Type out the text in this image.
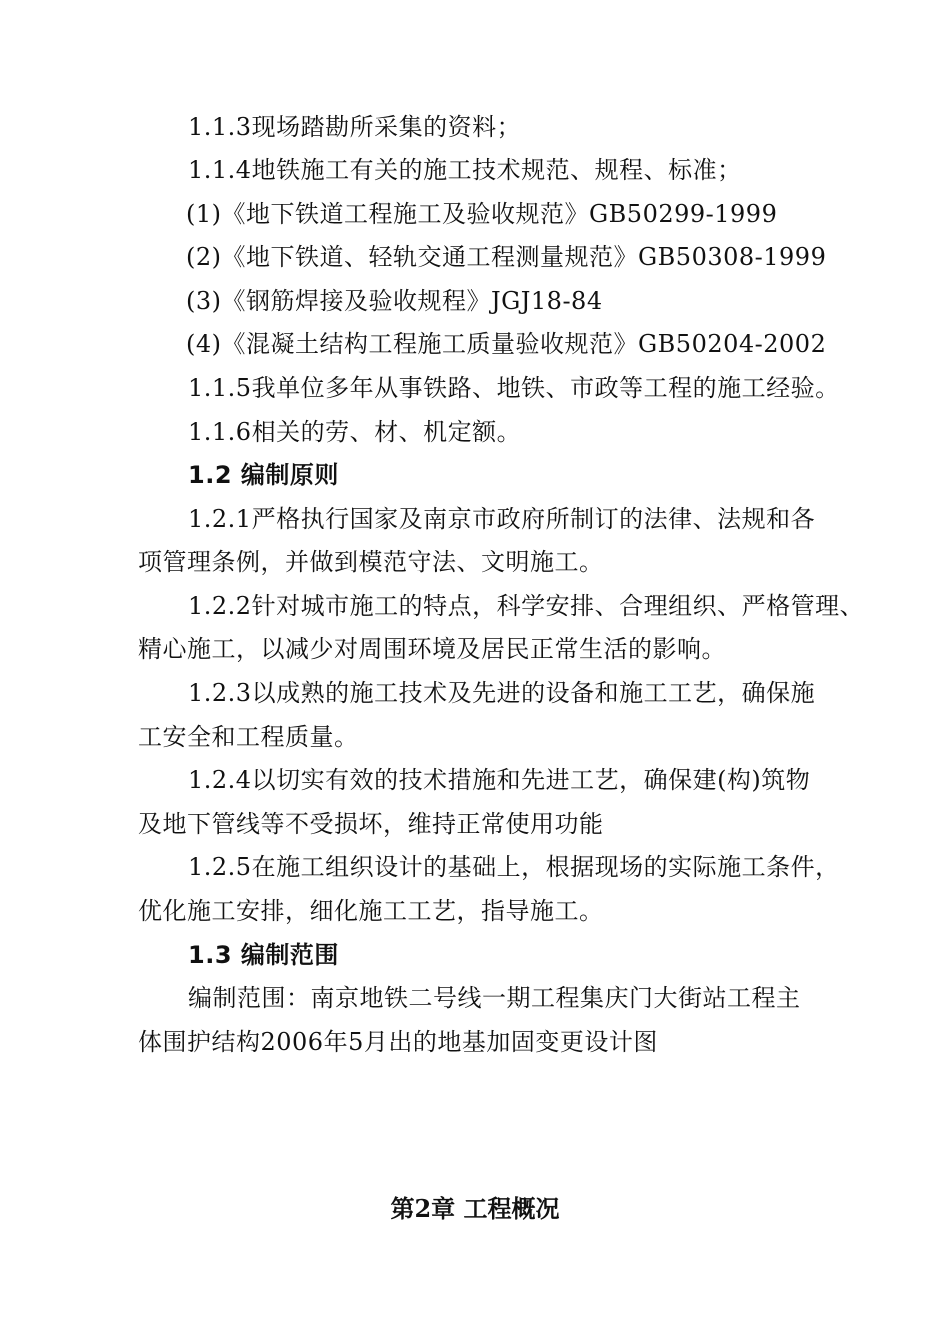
1.1.3现场踏勘所采集的资料；
1.1.4地铁施工有关的施工技术规范、规程、标准；
(1)《地下铁道工程施工及验收规范》GB50299-1999
(2)《地下铁道、轻轨交通工程测量规范》GB50308-1999
(3)《钢筋焊接及验收规程》JGJ18-84
(4)《混凝土结构工程施工质量验收规范》GB50204-2002
1.1.5我单位多年从事铁路、地铁、市政等工程的施工经验。
1.1.6相关的劳、材、机定额。
1.2 编制原则
1.2.1严格执行国家及南京市政府所制订的法律、法规和各
项管理条例，并做到模范守法、文明施工。
1.2.2针对城市施工的特点，科学安排、合理组织、严格管理、
精心施工，以减少对周围环境及居民正常生活的影响。
1.2.3以成熟的施工技术及先进的设备和施工工艺，确保施
工安全和工程质量。
1.2.4以切实有效的技术措施和先进工艺，确保建(构)筑物
及地下管线等不受损坏，维持正常使用功能
1.2.5在施工组织设计的基础上，根据现场的实际施工条件，
优化施工安排，细化施工工艺，指导施工。
1.3 编制范围
编制范围：南京地铁二号线一期工程集庆门大街站工程主
体围护结构2006年5月出的地基加固变更设计图
第2章 工程概况
